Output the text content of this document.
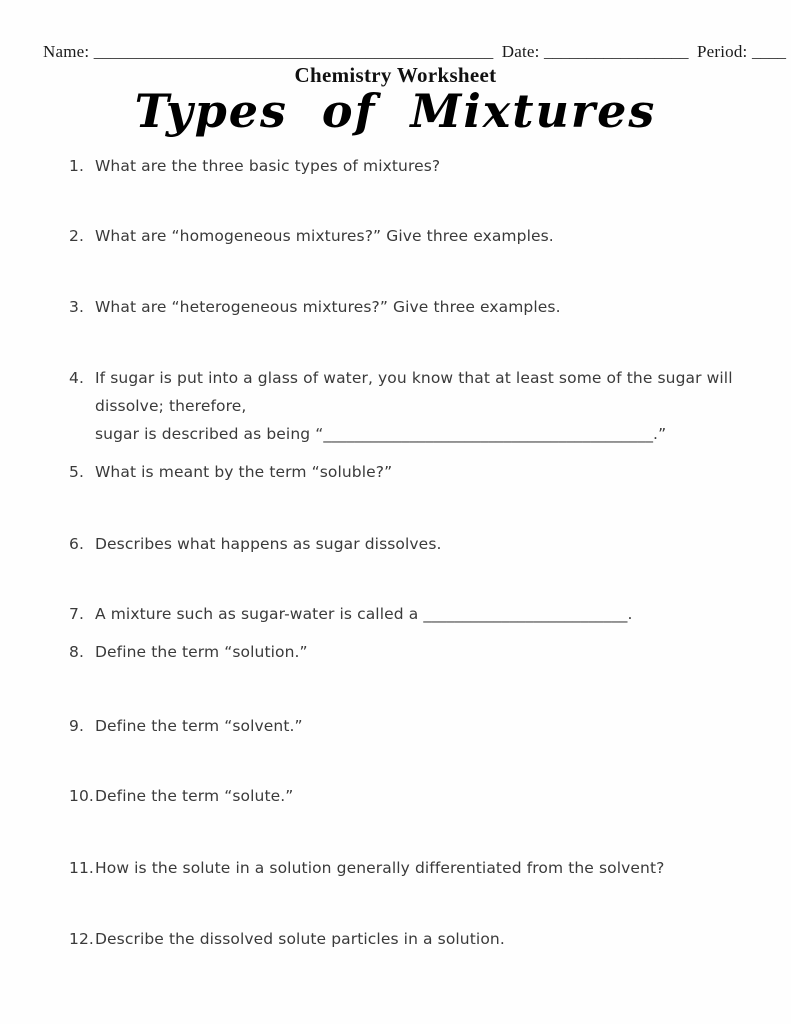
Name: _______________________________________________ Date: _________________ Period: ____
Chemistry Worksheet
Types of Mixtures
1. What are the three basic types of mixtures?
2. What are “homogeneous mixtures?” Give three examples.
3. What are “heterogeneous mixtures?” Give three examples.
4. If sugar is put into a glass of water, you know that at least some of the sugar will dissolve; therefore,
sugar is described as being “__________________________________________.”
5. What is meant by the term “soluble?”
6. Describes what happens as sugar dissolves.
7. A mixture such as sugar-water is called a __________________________.
8. Define the term “solution.”
9. Define the term “solvent.”
10. Define the term “solute.”
11. How is the solute in a solution generally differentiated from the solvent?
12. Describe the dissolved solute particles in a solution.
